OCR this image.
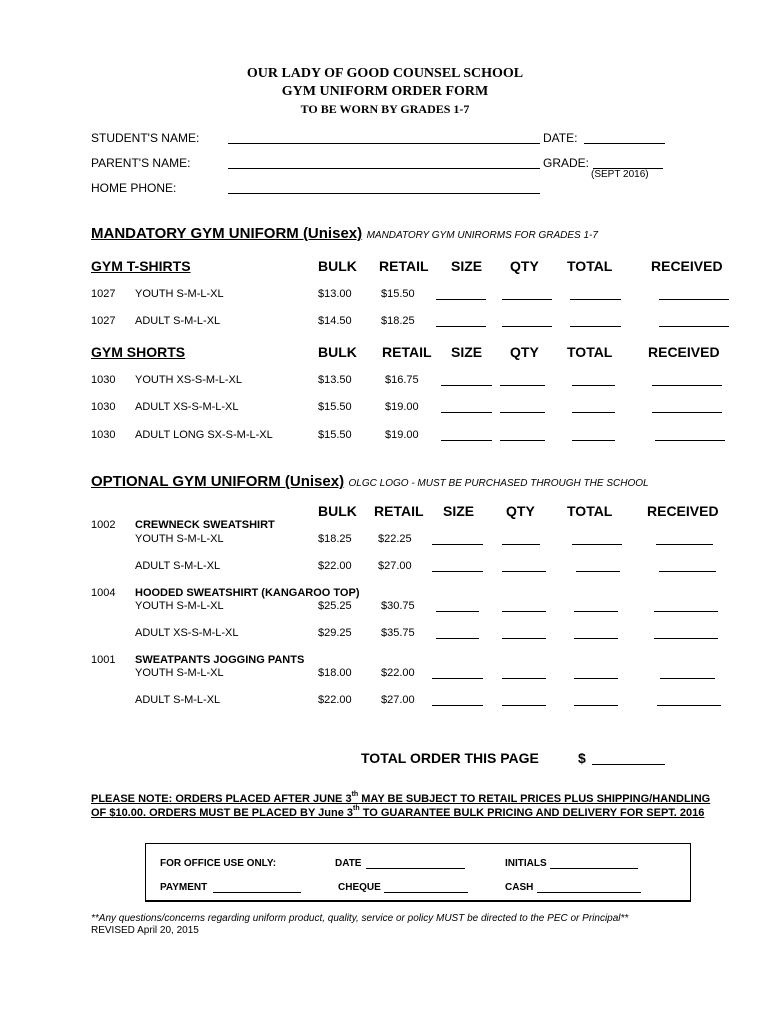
OUR LADY OF GOOD COUNSEL SCHOOL
GYM UNIFORM ORDER FORM
TO BE WORN BY GRADES 1-7
STUDENT'S NAME:	DATE:
PARENT'S NAME:	GRADE:
(SEPT 2016)
HOME PHONE:
MANDATORY GYM UNIFORM (Unisex) MANDATORY GYM UNIRORMS FOR GRADES 1-7
GYM T-SHIRTS	BULK RETAIL SIZE QTY TOTAL	RECEIVED
1027 YOUTH S-M-L-XL	$13.00	$15.50
1027 ADULT S-M-L-XL	$14.50	$18.25
GYM SHORTS	BULK RETAIL SIZE QTY TOTAL	RECEIVED
1030 YOUTH XS-S-M-L-XL	$13.50	$16.75
1030 ADULT XS-S-M-L-XL	$15.50	$19.00
1030 ADULT LONG SX-S-M-L-XL	$15.50	$19.00
OPTIONAL GYM UNIFORM (Unisex) OLGC LOGO - MUST BE PURCHASED THROUGH THE SCHOOL
BULK RETAIL SIZE QTY TOTAL RECEIVED
1002 CREWNECK SWEATSHIRT
YOUTH S-M-L-XL	$18.25 $22.25
ADULT S-M-L-XL	$22.00 $27.00
1004 HOODED SWEATSHIRT (KANGAROO TOP)
YOUTH S-M-L-XL	$25.25	$30.75
ADULT XS-S-M-L-XL	$29.25	$35.75
1001 SWEATPANTS JOGGING PANTS
YOUTH S-M-L-XL	$18.00	$22.00
ADULT S-M-L-XL	$22.00	$27.00
TOTAL ORDER THIS PAGE	$
PLEASE NOTE: ORDERS PLACED AFTER JUNE 3th MAY BE SUBJECT TO RETAIL PRICES PLUS SHIPPING/HANDLING
OF $10.00. ORDERS MUST BE PLACED BY June 3th TO GUARANTEE BULK PRICING AND DELIVERY FOR SEPT. 2016
FOR OFFICE USE ONLY:	DATE	INITIALS
PAYMENT	CHEQUE	CASH
**Any questions/concerns regarding uniform product, quality, service or policy MUST be directed to the PEC or Principal**
REVISED April 20, 2015
